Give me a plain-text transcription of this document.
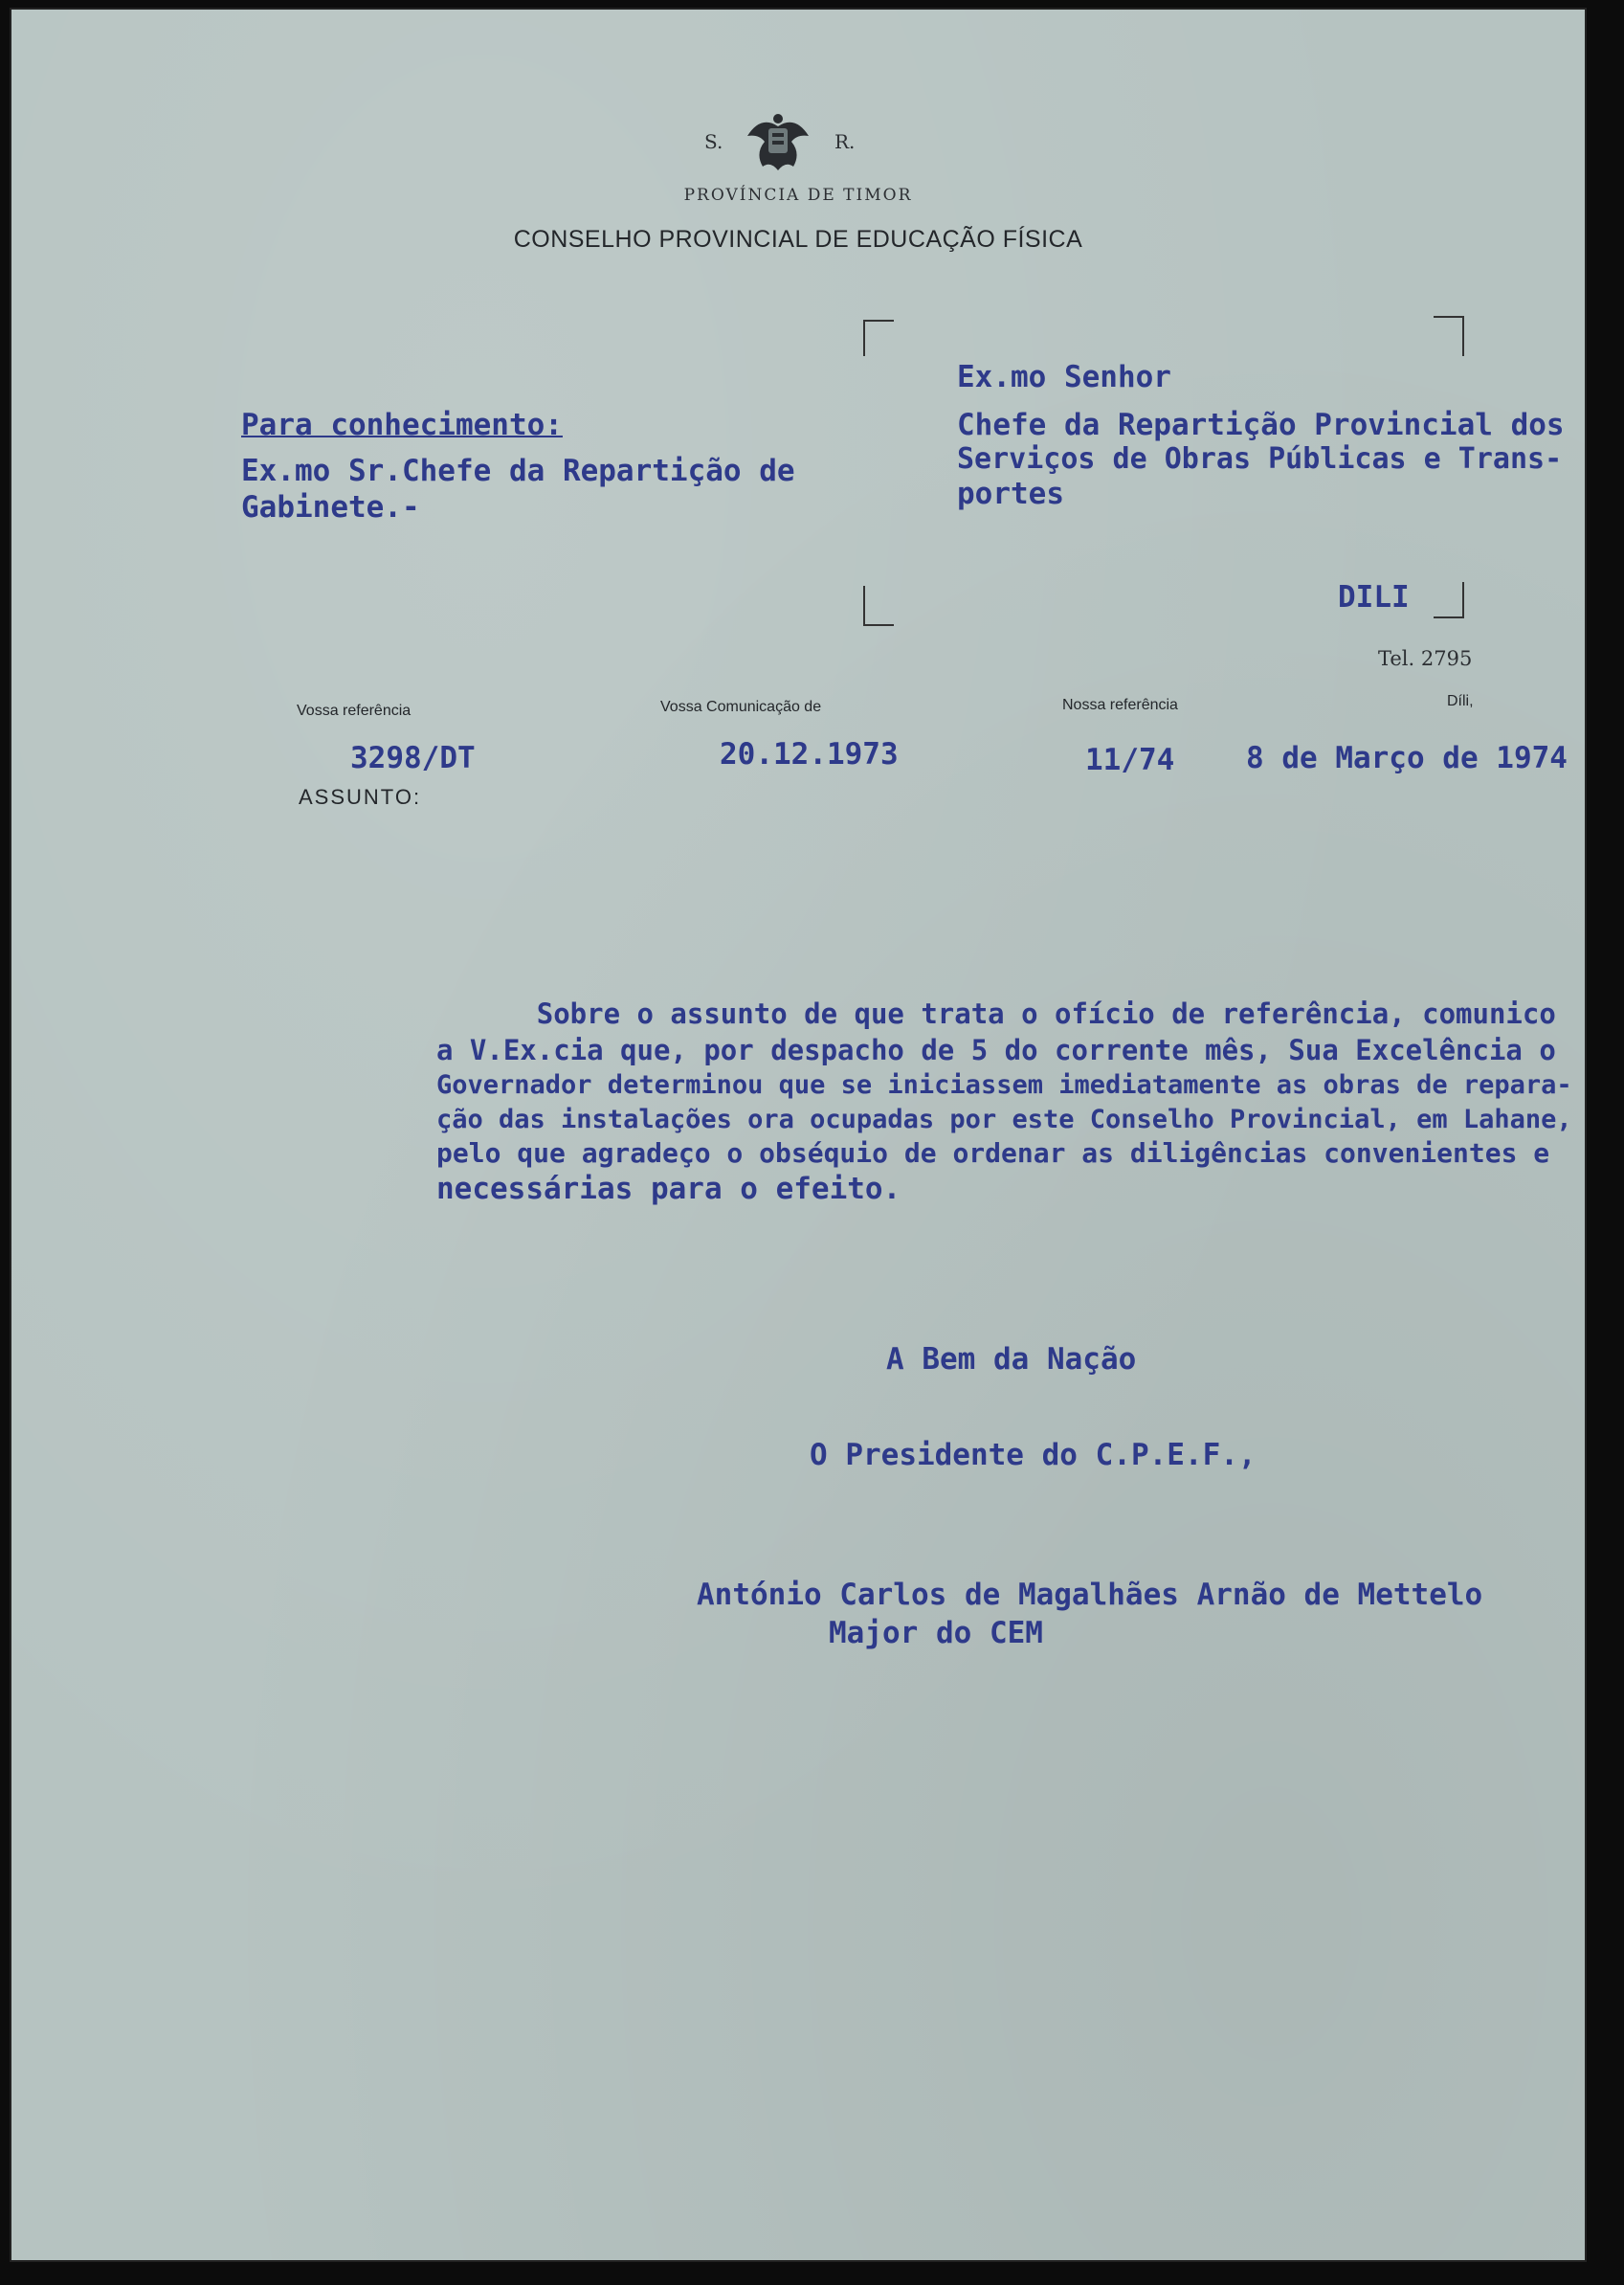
S.	R.
PROVÍNCIA DE TIMOR
CONSELHO PROVINCIAL DE EDUCAÇÃO FÍSICA
Para conhecimento:
Ex.mo Sr.Chefe da Repartição de
Gabinete.-
Ex.mo Senhor
Chefe da Repartição Provincial dos
Serviços de Obras Públicas e Trans-
portes
DILI
Tel. 2795
Vossa referência	Vossa Comunicação de	Nossa referência	Díli,
3298/DT	20.12.1973	11/74 8 de Março de 1974
ASSUNTO:
Sobre o assunto de que trata o ofício de referência, comunico
a V.Ex.cia que, por despacho de 5 do corrente mês, Sua Excelência o
Governador determinou que se iniciassem imediatamente as obras de repara-
ção das instalações ora ocupadas por este Conselho Provincial, em Lahane,
pelo que agradeço o obséquio de ordenar as diligências convenientes e
necessárias para o efeito.
A Bem da Nação
O Presidente do C.P.E.F.,
António Carlos de Magalhães Arnão de Mettelo
Major do CEM
